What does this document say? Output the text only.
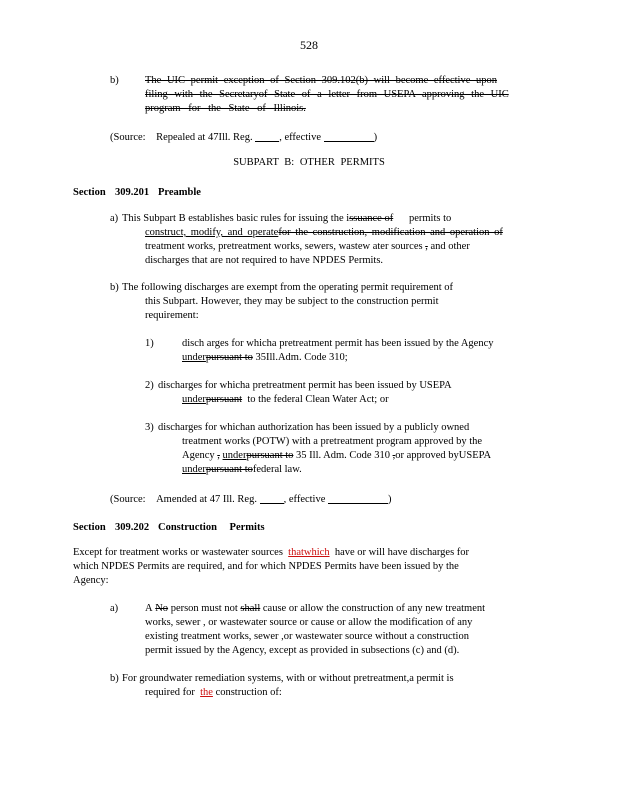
528
b)	The UIC permit exception of Section 309.102(b) will become effective upon
filing with the Secretaryof State of a letter from USEPA approving the UIC
program for the State of Illinois.
(Source: Repealed at 47Ill. Reg.	, effective	)
SUBPART B: OTHER PERMITS
Section 309.201 Preamble
a) This Subpart B establishes basic rules for issuing the issuance of permits to
construct, modify, and operatefor the construction, modification and operation of
treatment works, pretreatment works, sewers, wastew ater sources , and other
discharges that are not required to have NPDES Permits.
b) The following discharges are exempt from the operating permit requirement of
this Subpart. However, they may be subject to the construction permit
requirement:
1)	disch arges for whicha pretreatment permit has been issued by the Agency
underpursuant to 35Ill.Adm. Code 310;
2) discharges for whicha pretreatment permit has been issued by USEPA
underpursuant to the federal Clean Water Act; or
3) discharges for whichan authorization has been issued by a publicly owned
treatment works (POTW) with a pretreatment program approved by the
Agency , underpursuant to 35 Ill. Adm. Code 310 ,or approved byUSEPA
underpursuant tofederal law.
(Source: Amended at 47 Ill. Reg.	, effective	)
Section 309.202 Construction Permits
Except for treatment works or wastewater sources thatwhich have or will have discharges for
which NPDES Permits are required, and for which NPDES Permits have been issued by the
Agency:
a)	A No person must not shall cause or allow the construction of any new treatment
works, sewer , or wastewater source or cause or allow the modification of any
existing treatment works, sewer ,or wastewater source without a construction
permit issued by the Agency, except as provided in subsections (c) and (d).
b) For groundwater remediation systems, with or without pretreatment,a permit is
required for the construction of:
